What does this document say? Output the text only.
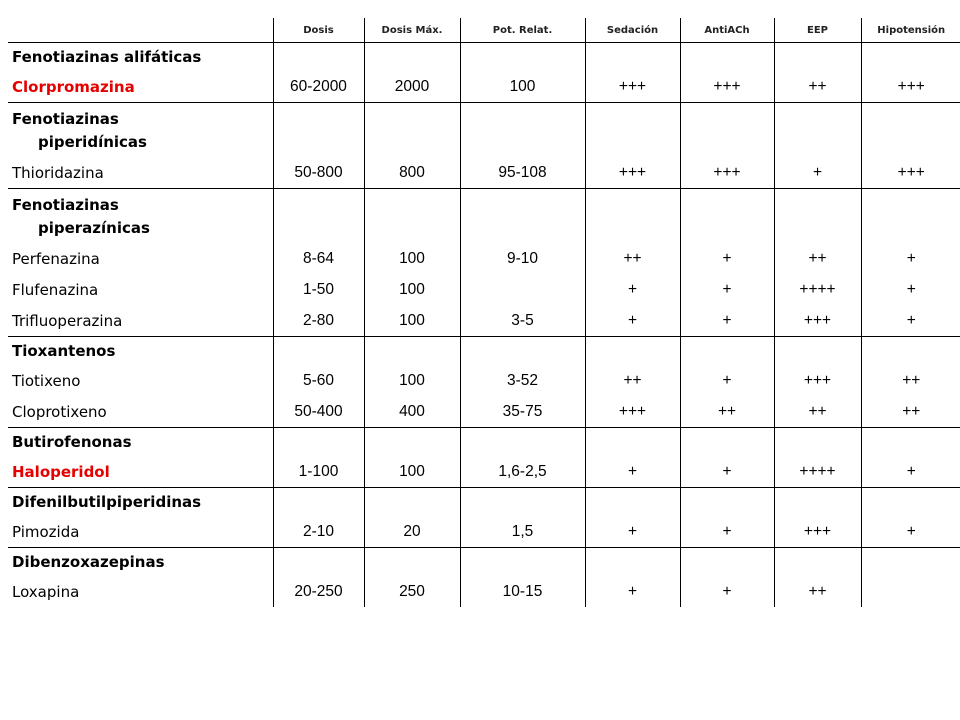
	Dosis	Dosis Máx.	Pot. Relat.	Sedación	AntiACh	EEP	Hipotensión

Fenotiazinas alifáticas							

Clorpromazina	60-2000	2000	100	+++	+++	++	+++

Fenotiazinas
piperidínicas							

Thioridazina	50-800	800	95-108	+++	+++	+	+++

Fenotiazinas
piperazínicas							

Perfenazina	8-64	100	9-10	++	+	++	+
Flufenazina	1-50	100		+	+	++++	+
Trifluoperazina	2-80	100	3-5	+	+	+++	+

Tioxantenos							

Tiotixeno	5-60	100	3-52	++	+	+++	++
Cloprotixeno	50-400	400	35-75	+++	++	++	++

Butirofenonas							

Haloperidol	1-100	100	1,6-2,5	+	+	++++	+

Difenilbutilpiperidinas							

Pimozida	2-10	20	1,5	+	+	+++	+

Dibenzoxazepinas							

Loxapina	20-250	250	10-15	+	+	++	
